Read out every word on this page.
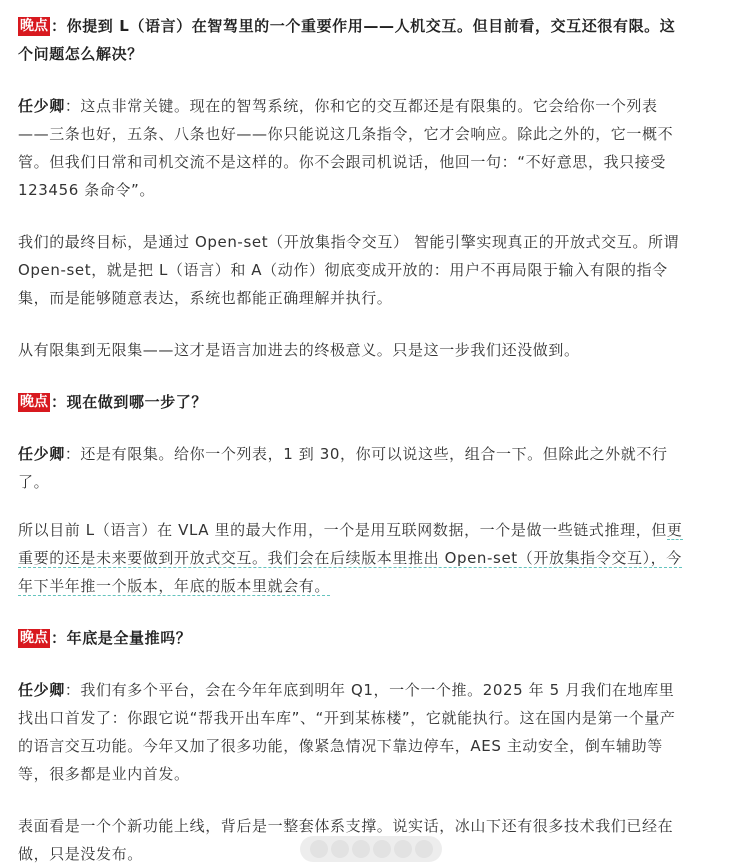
晚点 ：你提到 L（语言）在智驾里的一个重要作用——人机交互。但目前看，交互还很有限。这个问题怎么解决？

任少卿：这点非常关键。现在的智驾系统，你和它的交互都还是有限集的。它会给你一个列表——三条也好，五条、八条也好——你只能说这几条指令，它才会响应。除此之外的，它一概不管。但我们日常和司机交流不是这样的。你不会跟司机说话，他回一句：“不好意思，我只接受 123456 条命令”。

我们的最终目标，是通过 Open-set（开放集指令交互） 智能引擎实现真正的开放式交互。所谓 Open-set，就是把 L（语言）和 A（动作）彻底变成开放的：用户不再局限于输入有限的指令集，而是能够随意表达，系统也都能正确理解并执行。

从有限集到无限集——这才是语言加进去的终极意义。只是这一步我们还没做到。

晚点 ：现在做到哪一步了？

任少卿：还是有限集。给你一个列表，1 到 30，你可以说这些，组合一下。但除此之外就不行了。

所以目前 L（语言）在 VLA 里的最大作用，一个是用互联网数据，一个是做一些链式推理，但更重要的还是未来要做到开放式交互。我们会在后续版本里推出 Open-set（开放集指令交互），今年下半年推一个版本，年底的版本里就会有。

晚点 ：年底是全量推吗？

任少卿：我们有多个平台，会在今年年底到明年 Q1，一个一个推。2025 年 5 月我们在地库里找出口首发了：你跟它说“帮我开出车库”、“开到某栋楼”，它就能执行。这在国内是第一个量产的语言交互功能。今年又加了很多功能，像紧急情况下靠边停车，AES 主动安全，倒车辅助等等，很多都是业内首发。

表面看是一个个新功能上线，背后是一整套体系支撑。说实话，冰山下还有很多技术我们已经在做，只是没发布。
